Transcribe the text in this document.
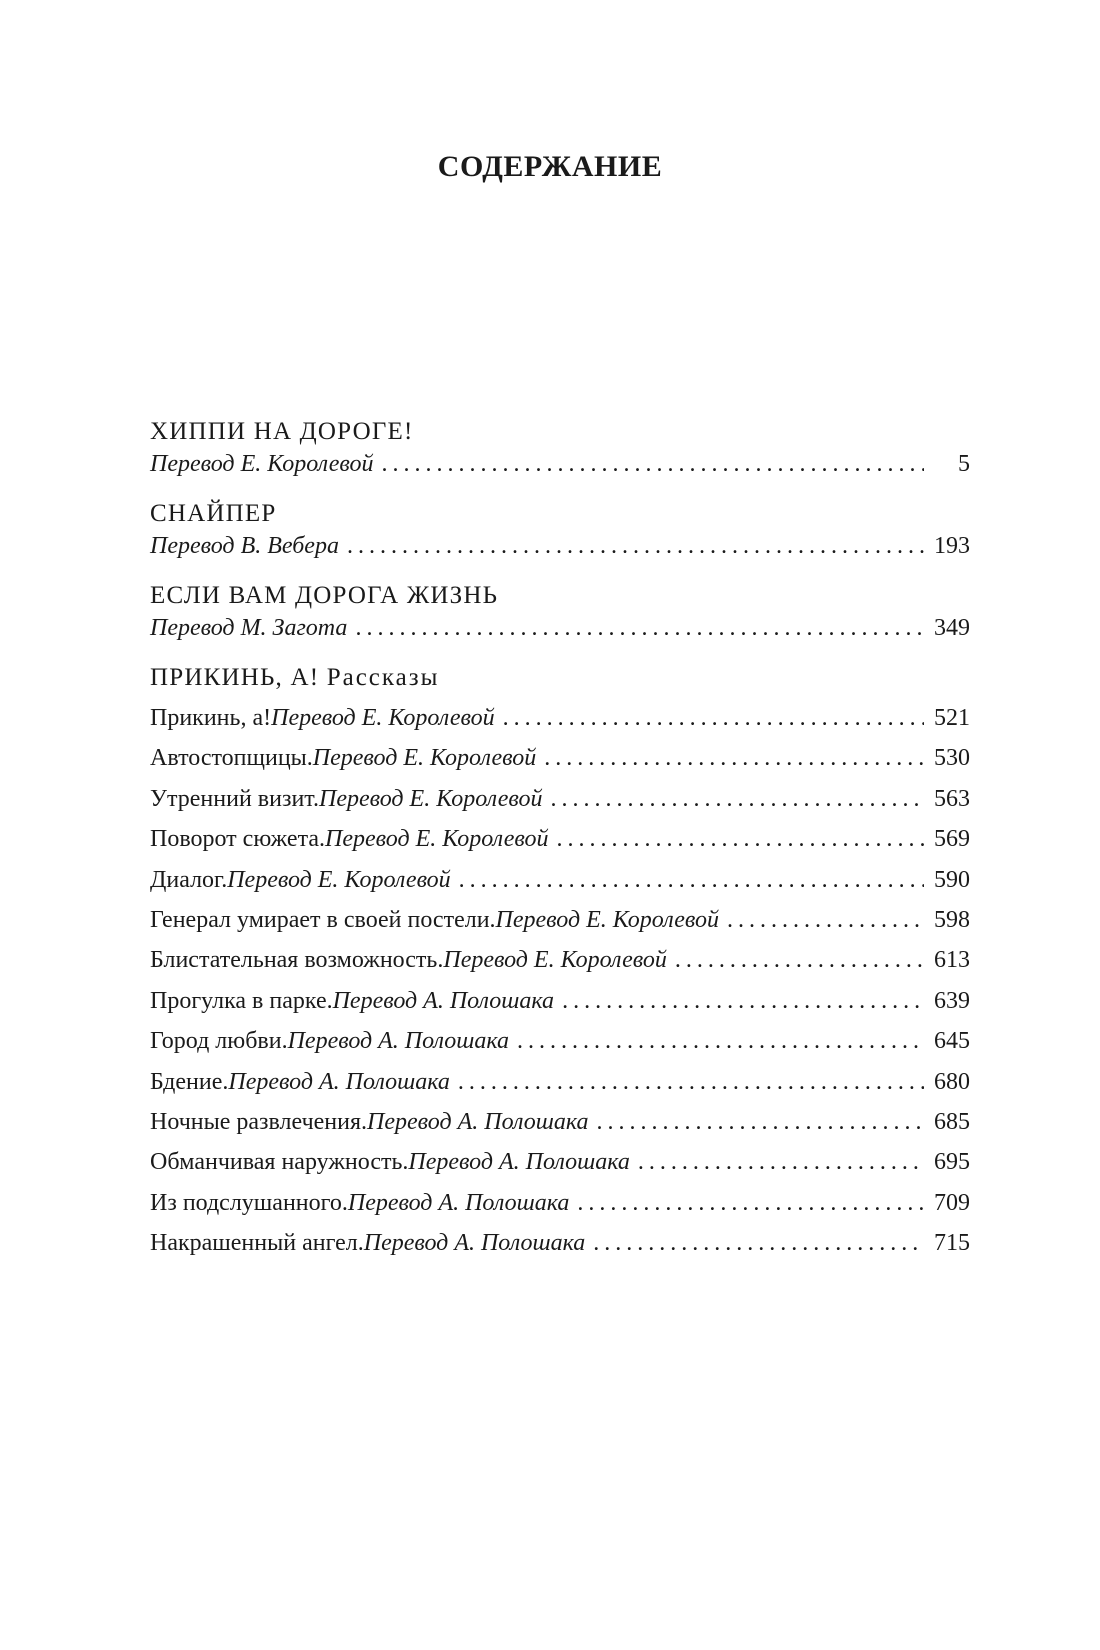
СОДЕРЖАНИЕ
ХИППИ НА ДОРОГЕ!
Перевод Е. Королевой . . .	5
СНАЙПЕР
Перевод В. Вебера . . .	193
ЕСЛИ ВАМ ДОРОГА ЖИЗНЬ
Перевод М. Загота . . .	349
ПРИКИНЬ, А! Рассказы
Прикинь, а! Перевод Е. Королевой . . .	521
Автостопщицы. Перевод Е. Королевой . . .	530
Утренний визит. Перевод Е. Королевой . . .	563
Поворот сюжета. Перевод Е. Королевой . . .	569
Диалог. Перевод Е. Королевой . . .	590
Генерал умирает в своей постели. Перевод Е. Королевой . . .	598
Блистательная возможность. Перевод Е. Королевой . . .	613
Прогулка в парке. Перевод А. Полошака . . .	639
Город любви. Перевод А. Полошака . . .	645
Бдение. Перевод А. Полошака . . .	680
Ночные развлечения. Перевод А. Полошака . . .	685
Обманчивая наружность. Перевод А. Полошака . . .	695
Из подслушанного. Перевод А. Полошака . . .	709
Накрашенный ангел. Перевод А. Полошака . . .	715
